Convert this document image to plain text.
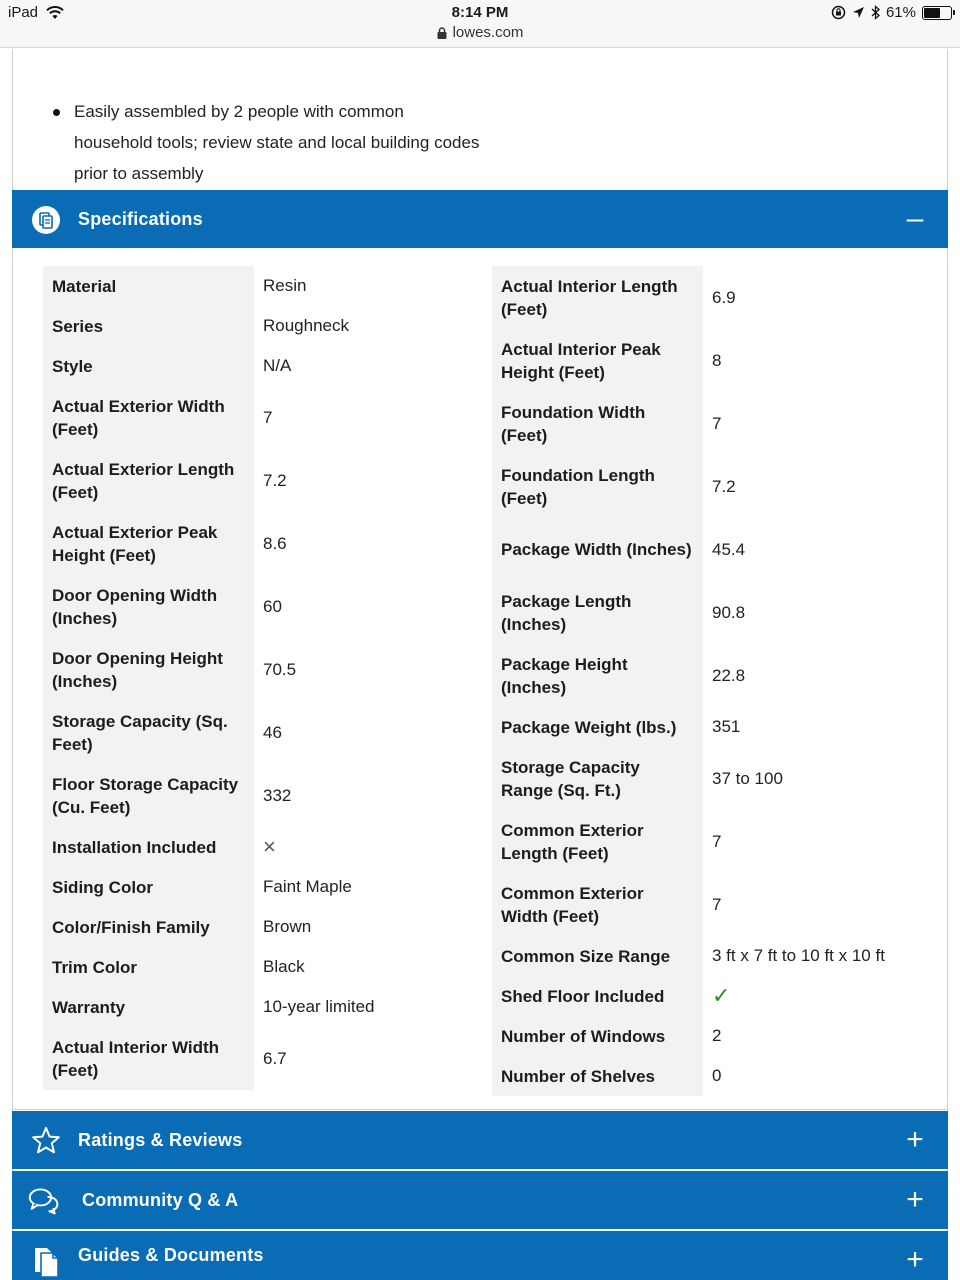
iPad	8:14 PM
lowes.com
61%
Easily assembled by 2 people with common household tools; review state and local building codes prior to assembly
Specifications	–
Material	Resin
Series	Roughneck
Style	N/A
Actual Exterior Width (Feet)	7
Actual Exterior Length (Feet)	7.2
Actual Exterior Peak Height (Feet)	8.6
Door Opening Width (Inches)	60
Door Opening Height (Inches)	70.5
Storage Capacity (Sq. Feet)	46
Floor Storage Capacity (Cu. Feet)	332
Installation Included	×
Siding Color	Faint Maple
Color/Finish Family	Brown
Trim Color	Black
Warranty	10-year limited
Actual Interior Width (Feet)	6.7
Actual Interior Length (Feet)	6.9
Actual Interior Peak Height (Feet)	8
Foundation Width (Feet)	7
Foundation Length (Feet)	7.2
Package Width (Inches)	45.4
Package Length (Inches)	90.8
Package Height (Inches)	22.8
Package Weight (lbs.)	351
Storage Capacity Range (Sq. Ft.)	37 to 100
Common Exterior Length (Feet)	7
Common Exterior Width (Feet)	7
Common Size Range	3 ft x 7 ft to 10 ft x 10 ft
Shed Floor Included	✓
Number of Windows	2
Number of Shelves	0
Ratings & Reviews	+
Community Q & A	+
Guides & Documents	+
